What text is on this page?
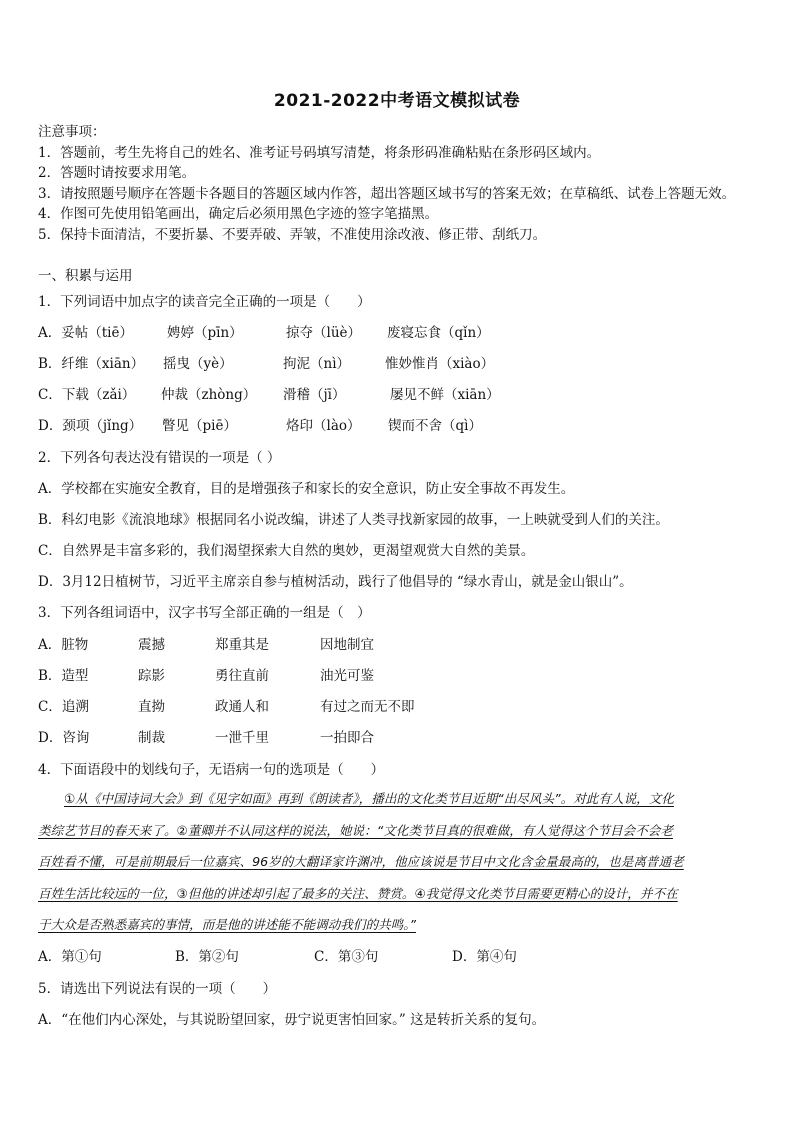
2021-2022中考语文模拟试卷
注意事项：
1．答题前，考生先将自己的姓名、准考证号码填写清楚，将条形码准确粘贴在条形码区域内。
2．答题时请按要求用笔。
3．请按照题号顺序在答题卡各题目的答题区域内作答，超出答题区域书写的答案无效；在草稿纸、试卷上答题无效。
4．作图可先使用铅笔画出，确定后必须用黑色字迹的签字笔描黑。
5．保持卡面清洁，不要折暴、不要弄破、弄皱，不准使用涂改液、修正带、刮纸刀。
一、积累与运用
1．下列词语中加点字的读音完全正确的一项是（　　）
A．妥帖（tiē）	娉婷（pīn）	掠夺（lüè） 废寝忘食（qǐn）
B．纤维（xiān） 摇曳（yè）	拘泥（nì）	惟妙惟肖（xiào）
C．下载（zǎi） 仲裁（zhòng） 滑稽（jī）	屡见不鲜（xiān）
D．颈项（jǐng） 瞥见（piē）	烙印（lào） 锲而不舍（qì）
2．下列各句表达没有错误的一项是（ ）
A．学校都在实施安全教育，目的是增强孩子和家长的安全意识，防止安全事故不再发生。
B．科幻电影《流浪地球》根据同名小说改编，讲述了人类寻找新家园的故事，一上映就受到人们的关注。
C．自然界是丰富多彩的，我们渴望探索大自然的奥妙，更渴望观赏大自然的美景。
D．3月12日植树节，习近平主席亲自参与植树活动，践行了他倡导的 “绿水青山，就是金山银山”。
3．下列各组词语中，汉字书写全部正确的一组是（　）
A．脏物	震撼	郑重其是	因地制宜
B．造型	踪影	勇往直前	油光可鉴
C．追溯	直拗	政通人和	有过之而无不即
D．咨询	制裁	一泄千里	一拍即合
4．下面语段中的划线句子，无语病一句的选项是（　　）

①从《中国诗词大会》到《见字如面》再到《朗读者》，播出的文化类节目近期“出尽风头”。对此有人说，文化

类综艺节目的春天来了。②董卿并不认同这样的说法，她说：“文化类节目真的很难做，有人觉得这个节目会不会老

百姓看不懂，可是前期最后一位嘉宾、96岁的大翻译家许渊冲，他应该说是节目中文化含金量最高的，也是离普通老

百姓生活比较远的一位，③但他的讲述却引起了最多的关注、赞赏。④我觉得文化类节目需要更精心的设计，并不在

于大众是否熟悉嘉宾的事情，而是他的讲述能不能调动我们的共鸣。”

A．第①句	B．第②句	C．第③句	D．第④句
5．请选出下列说法有误的一项（　　）
A．“在他们内心深处，与其说盼望回家，毋宁说更害怕回家。” 这是转折关系的复句。
